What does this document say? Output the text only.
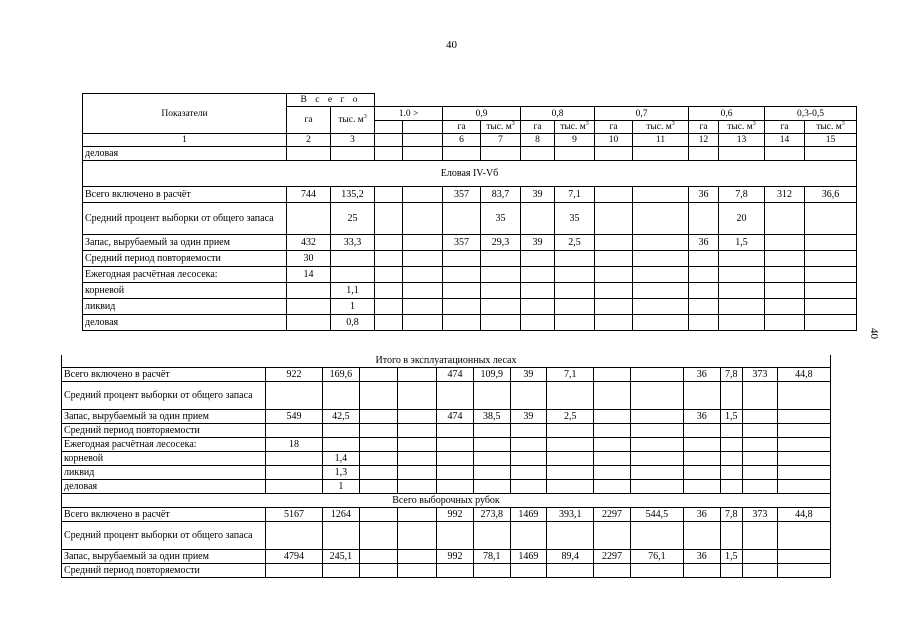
40
40
Показатели	В с е г о													
	га	тыс. $м^3$	1.0 >		0,9		0,8		0,7		0,6		0,3-0,5	
					га	тыс. $м^3$	га	тыс. $м^3$	га	тыс. $м^3$	га	тыс. $м^3$	га	тыс. $м^3$
1	2	3			6	7	8	9	10	11	12	13	14	15
деловая														
Еловая IV-Vб														
Всего включено в расчёт	744	135,2			357	83,7	39	7,1			36	7,8	312	36,6
Средний процент выборки от общего запаса		25				35		35				20		
Запас, вырубаемый за один прием	432	33,3			357	29,3	39	2,5			36	1,5		
Средний период повторяемости	30													
Ежегодная расчётная лесосека:	14													
корневой		1,1												
ликвид		1												
деловая		0,8												
Итого в эксплуатационных лесах														
Всего включено в расчёт	922	169,6			474	109,9	39	7,1			36	7,8	373	44,8
Средний процент выборки от общего запаса														
Запас, вырубаемый за один прием	549	42,5			474	38,5	39	2,5			36	1,5		
Средний период повторяемости														
Ежегодная расчётная лесосека:	18													
корневой		1,4												
ликвид		1,3												
деловая		1												
Всего выборочных рубок														
Всего включено в расчёт	5167	1264			992	273,8	1469	393,1	2297	544,5	36	7,8	373	44,8
Средний процент выборки от общего запаса														
Запас, вырубаемый за один прием	4794	245,1			992	78,1	1469	89,4	2297	76,1	36	1,5		
Средний период повторяемости														
